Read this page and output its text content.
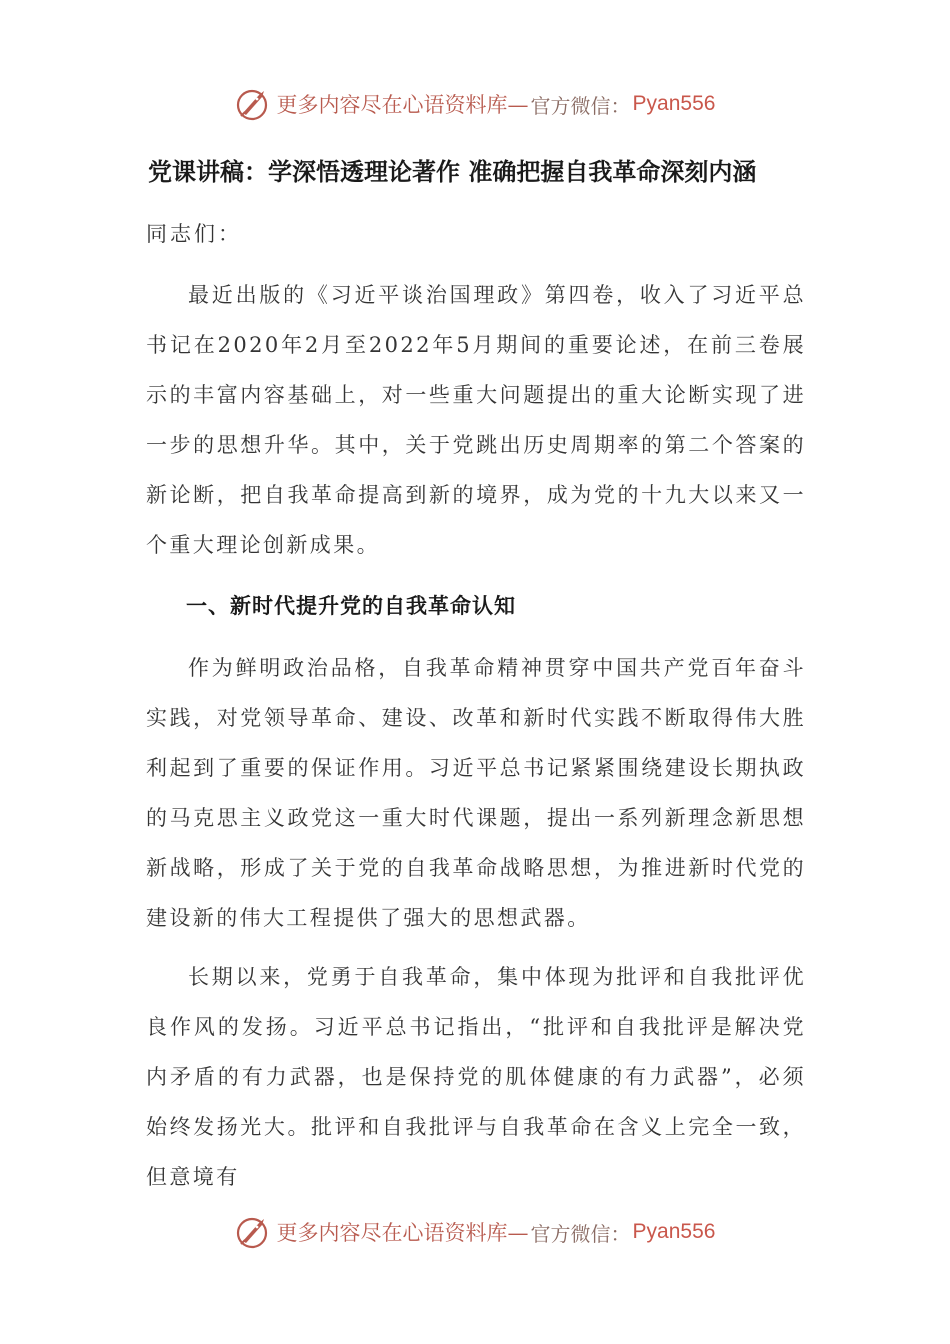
更多内容尽在心语资料库— 官方微信： Pyan556
党课讲稿：学深悟透理论著作 准确把握自我革命深刻内涵
同志们：

最近出版的《习近平谈治国理政》第四卷，收入了习近平总书记在2020年2月至2022年5月期间的重要论述，在前三卷展示的丰富内容基础上，对一些重大问题提出的重大论断实现了进一步的思想升华。其中，关于党跳出历史周期率的第二个答案的新论断，把自我革命提高到新的境界，成为党的十九大以来又一个重大理论创新成果。

一、新时代提升党的自我革命认知

作为鲜明政治品格，自我革命精神贯穿中国共产党百年奋斗实践，对党领导革命、建设、改革和新时代实践不断取得伟大胜利起到了重要的保证作用。习近平总书记紧紧围绕建设长期执政的马克思主义政党这一重大时代课题，提出一系列新理念新思想新战略，形成了关于党的自我革命战略思想，为推进新时代党的建设新的伟大工程提供了强大的思想武器。

长期以来，党勇于自我革命，集中体现为批评和自我批评优良作风的发扬。习近平总书记指出，“批评和自我批评是解决党内矛盾的有力武器，也是保持党的肌体健康的有力武器”，必须始终发扬光大。批评和自我批评与自我革命在含义上完全一致，但意境有

更多内容尽在心语资料库— 官方微信： Pyan556
